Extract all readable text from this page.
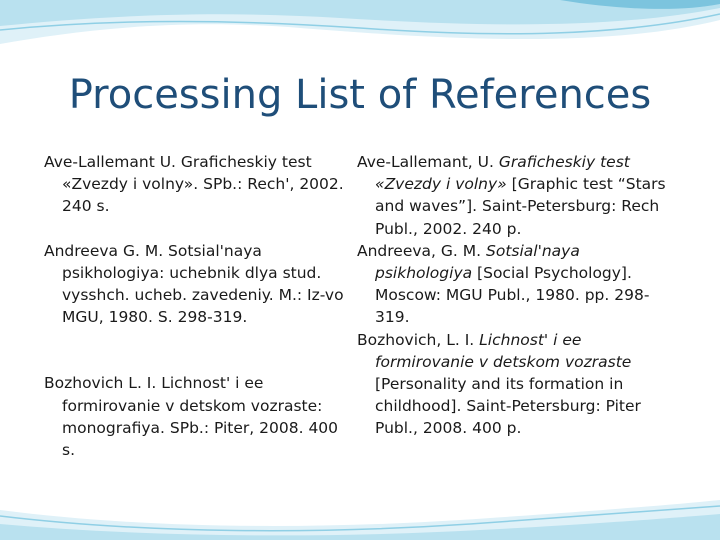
Processing List of References

Ave-Lallemant U. Graficheskiy test «Zvezdy i volny». SPb.: Rech', 2002. 240 s.

Andreeva G. M. Sotsial'naya psikhologiya: uchebnik dlya stud. vysshch. ucheb. zavedeniy. M.: Iz-vo MGU, 1980. S. 298-319.

Bozhovich L. I. Lichnost' i ee formirovanie v detskom vozraste: monografiya. SPb.: Piter, 2008. 400 s.

Ave-Lallemant, U. Graficheskiy test «Zvezdy i volny» [Graphic test “Stars and waves”]. Saint-Petersburg: Rech Publ., 2002. 240 p.

Andreeva, G. M. Sotsial'naya psikhologiya [Social Psychology]. Moscow: MGU Publ., 1980. pp. 298-319.

Bozhovich, L. I. Lichnost' i ee formirovanie v detskom vozraste [Personality and its formation in childhood]. Saint-Petersburg: Piter Publ., 2008. 400 p.
